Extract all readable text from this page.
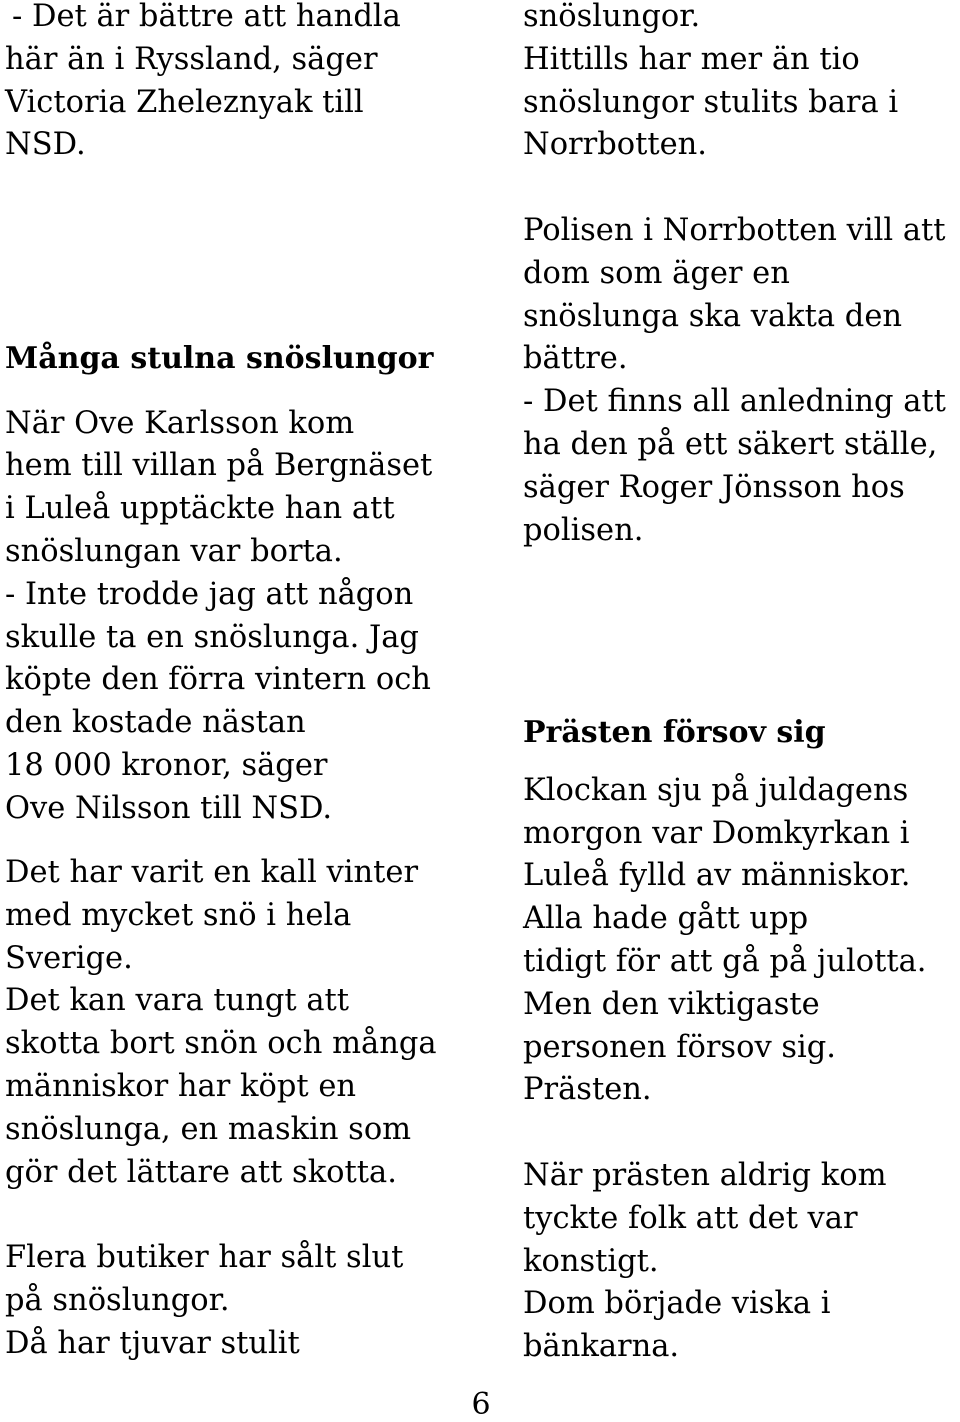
- Det är bättre att handla
här än i Ryssland, säger
Victoria Zheleznyak till
NSD.
Många stulna snöslungor
När Ove Karlsson kom
hem till villan på Bergnäset
i Luleå upptäckte han att
snöslungan var borta.
- Inte trodde jag att någon
skulle ta en snöslunga. Jag
köpte den förra vintern och
den kostade nästan
18 000 kronor, säger
Ove Nilsson till NSD.
Det har varit en kall vinter
med mycket snö i hela
Sverige.
Det kan vara tungt att
skotta bort snön och många
människor har köpt en
snöslunga, en maskin som
gör det lättare att skotta.
Flera butiker har sålt slut
på snöslungor.
Då har tjuvar stulit
snöslungor.
Hittills har mer än tio
snöslungor stulits bara i
Norrbotten.
Polisen i Norrbotten vill att
dom som äger en
snöslunga ska vakta den
bättre.
- Det finns all anledning att
ha den på ett säkert ställe,
säger Roger Jönsson hos
polisen.
Prästen försov sig
Klockan sju på juldagens
morgon var Domkyrkan i
Luleå fylld av människor.
Alla hade gått upp
tidigt för att gå på julotta.
Men den viktigaste
personen försov sig.
Prästen.
När prästen aldrig kom
tyckte folk att det var
konstigt.
Dom började viska i
bänkarna.
6
